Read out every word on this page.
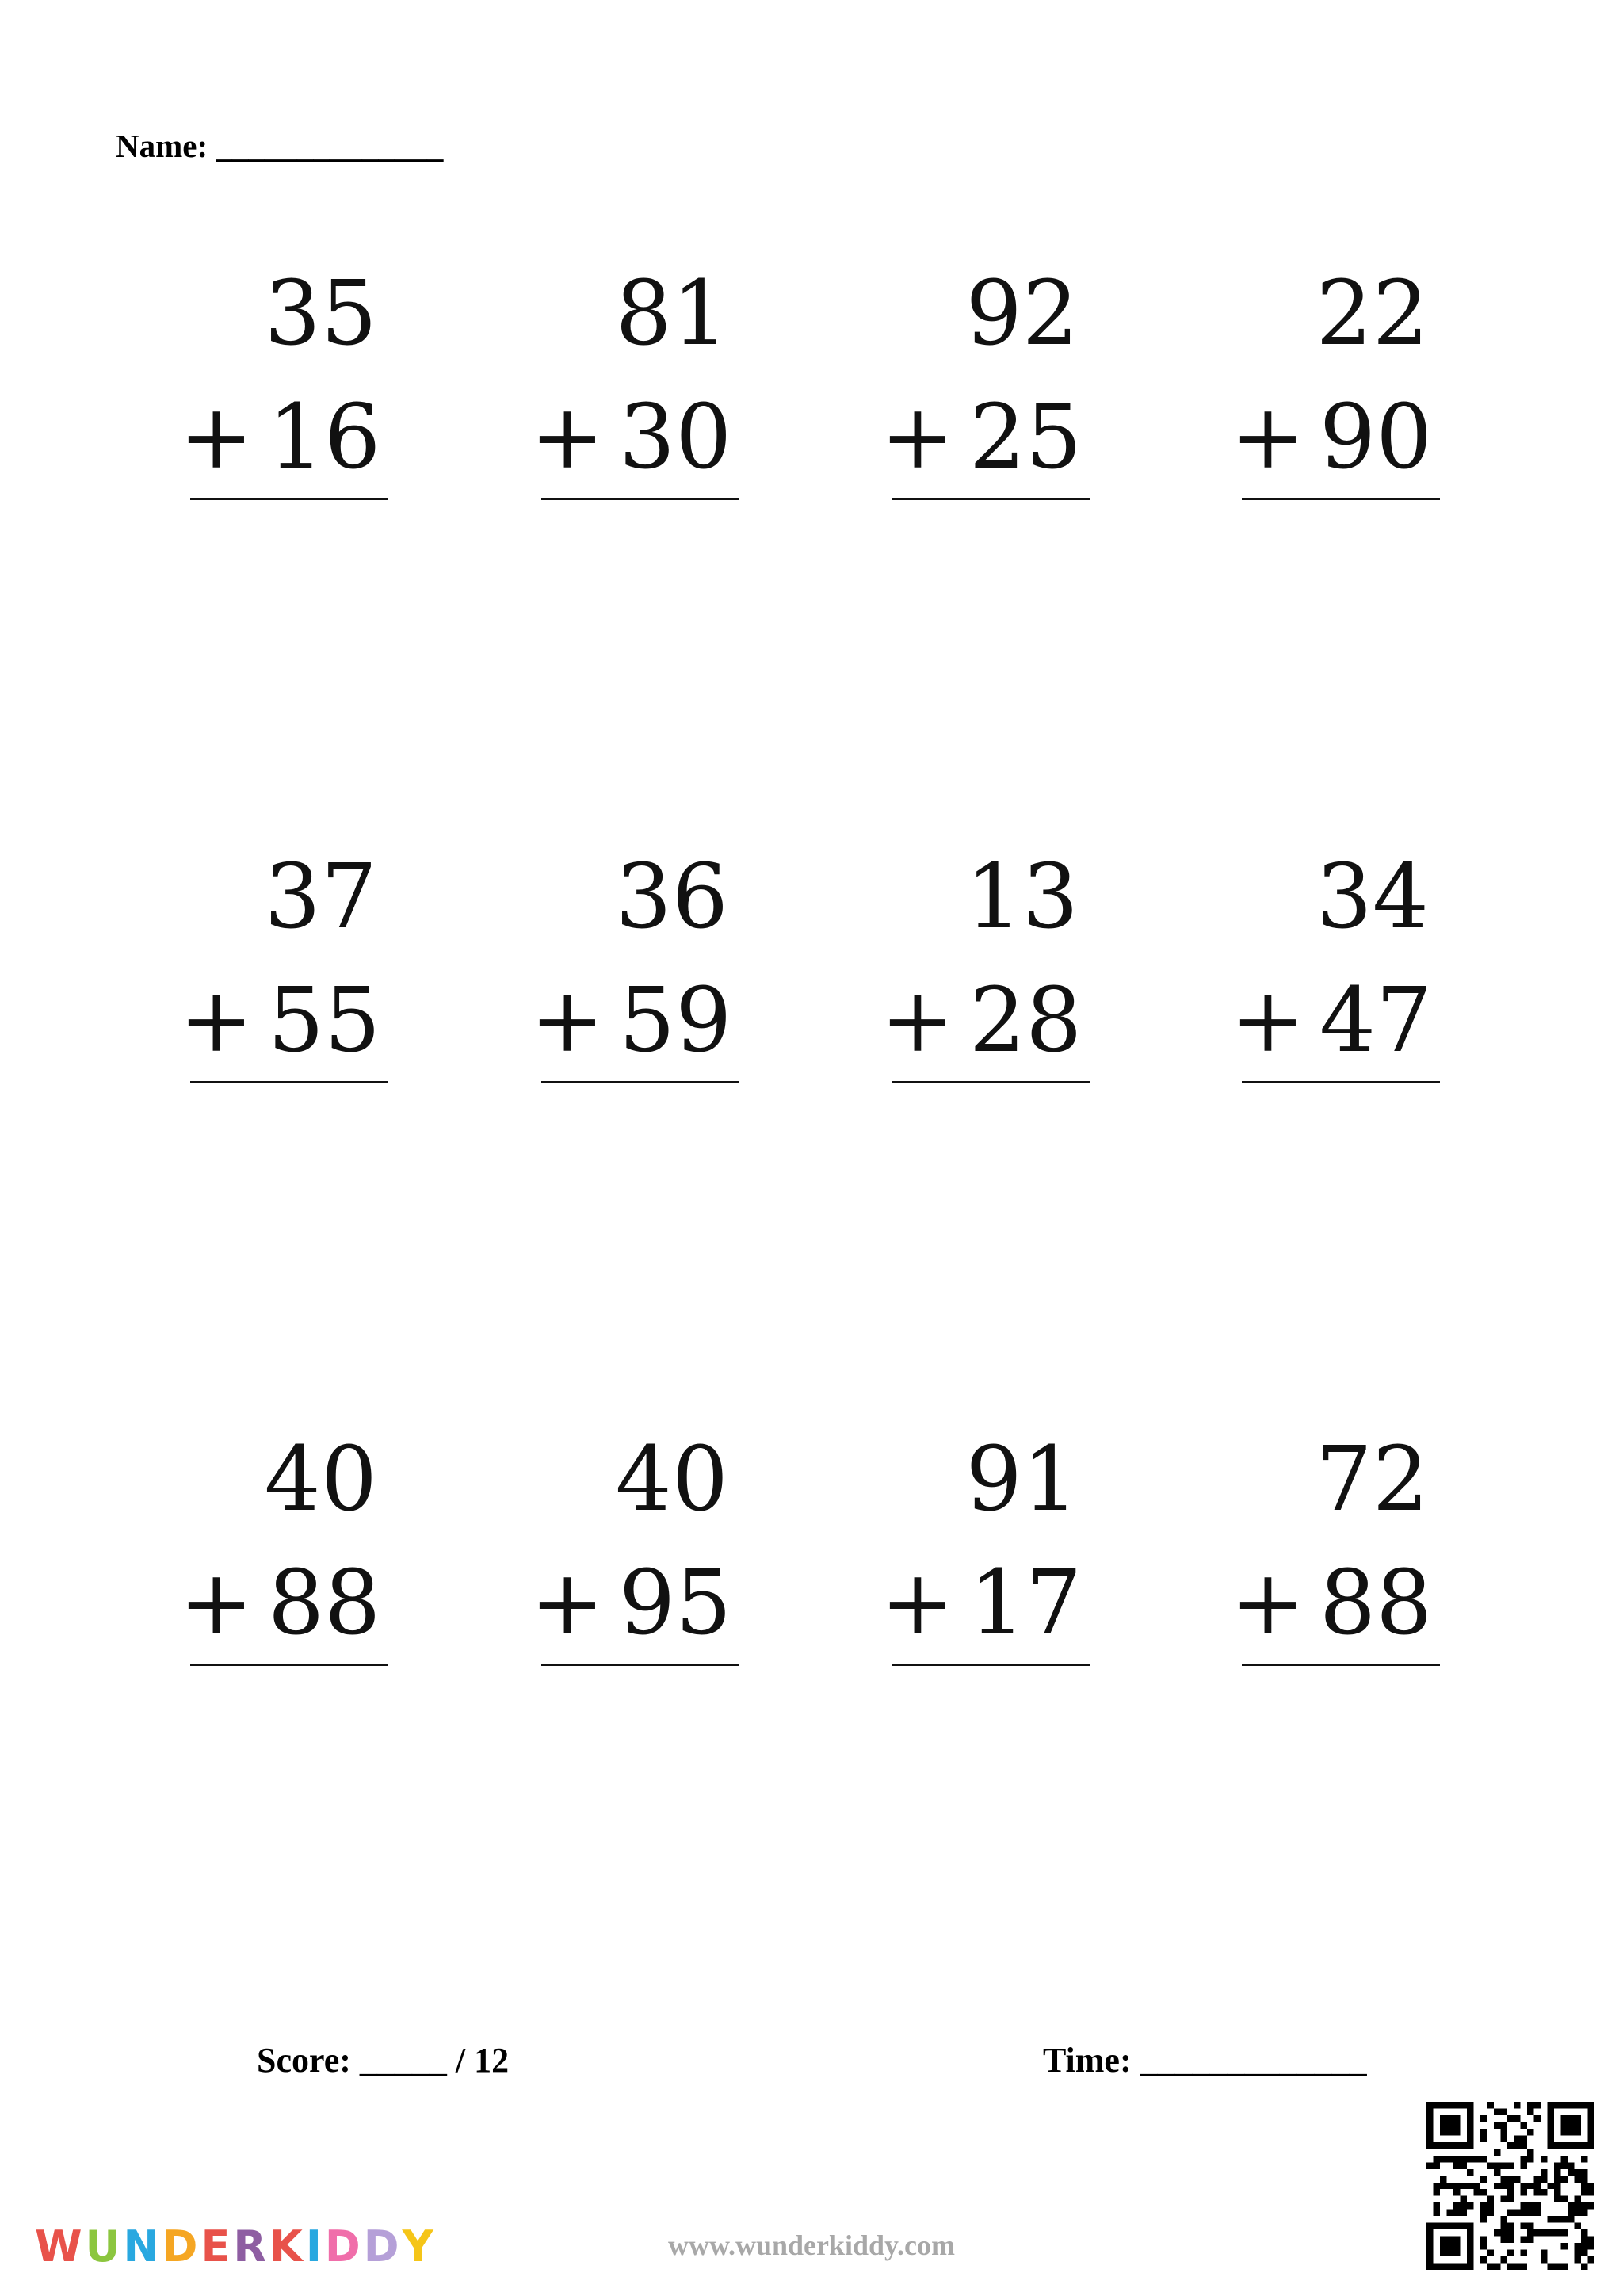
Name: ______________
35
+ 16
81
+ 30
92
+ 25
22
+ 90
37
+ 55
36
+ 59
13
+ 28
34
+ 47
40
+ 88
40
+ 95
91
+ 17
72
+ 88
Score: _____ / 12	Time: _____________
W U N D E R K I D D Y	www.wunderkiddy.com
